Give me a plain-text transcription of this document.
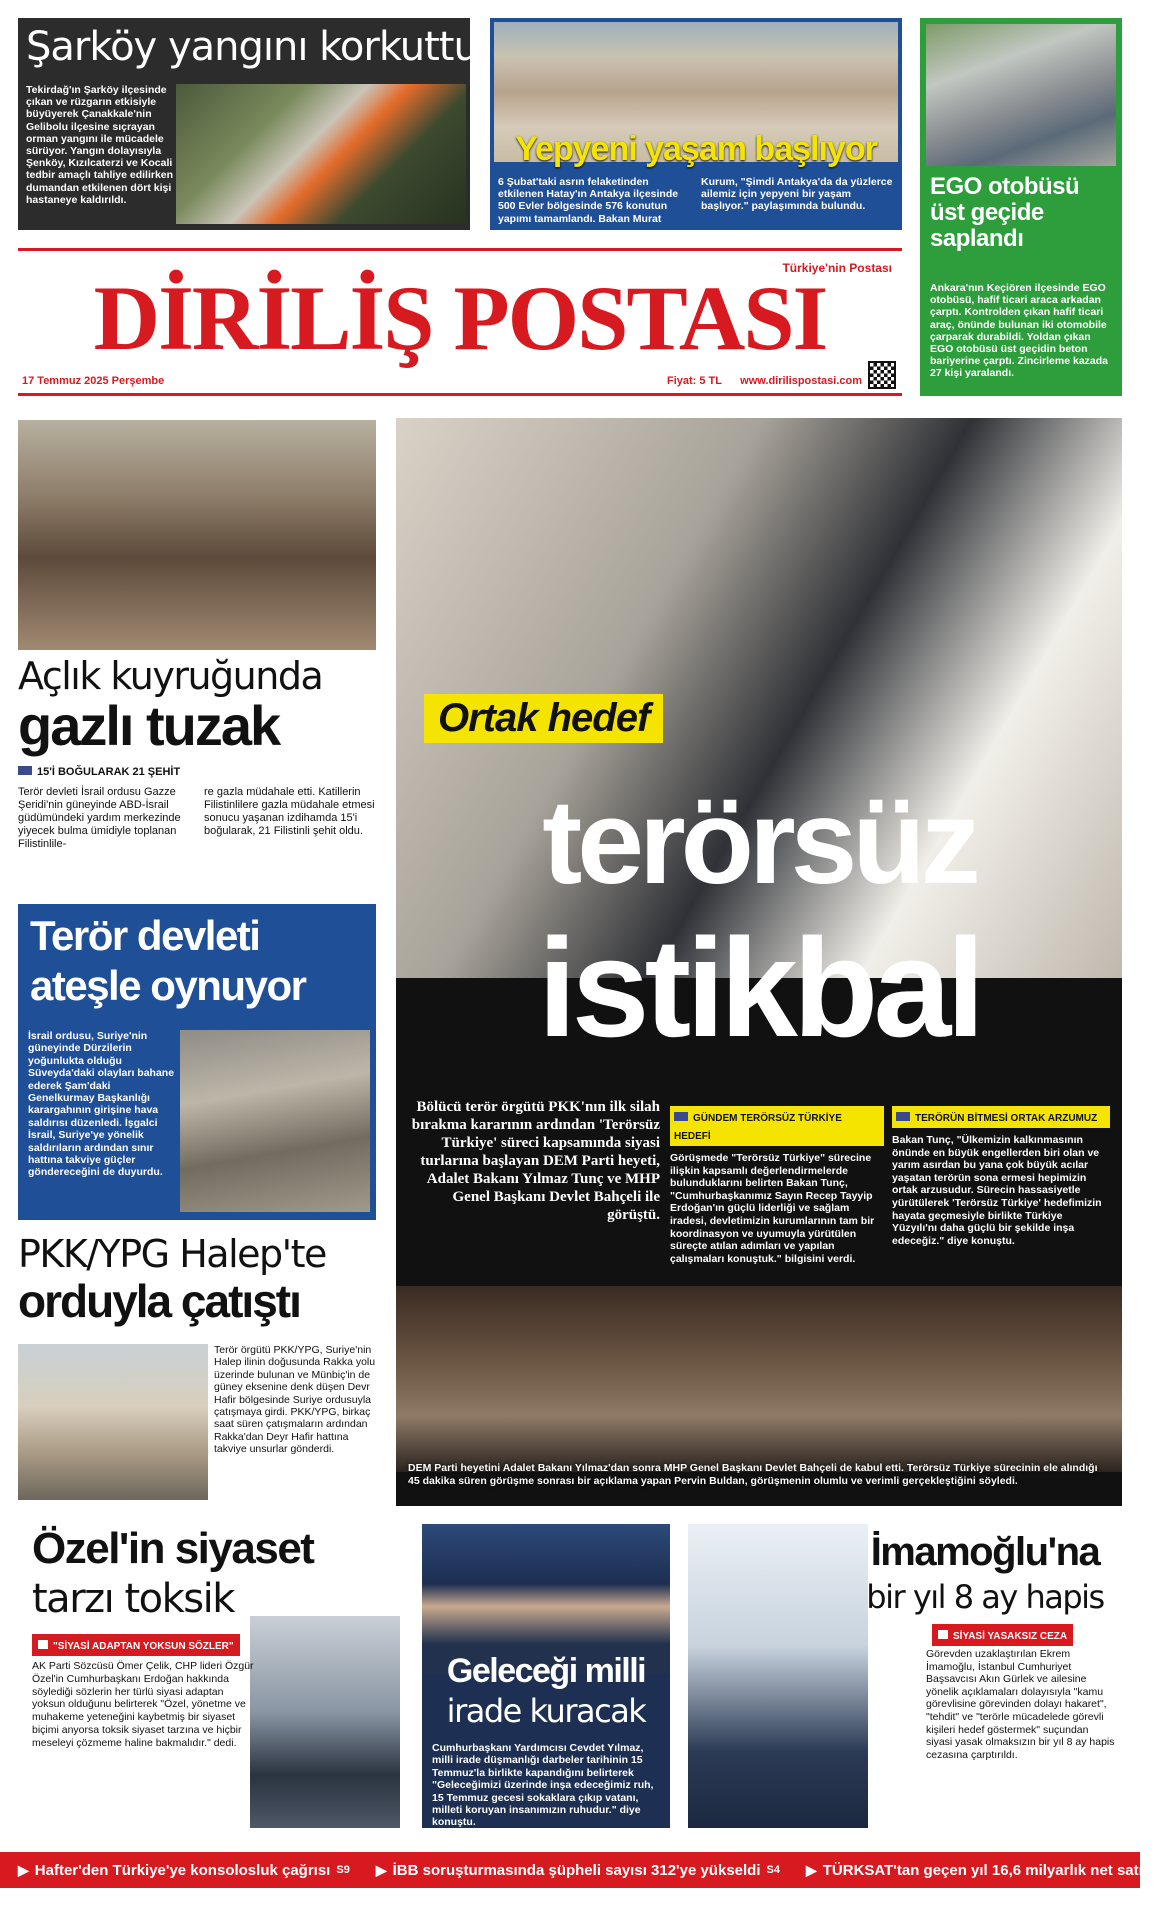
Şarköy yangını korkuttu
Tekirdağ'ın Şarköy ilçesinde çıkan ve rüzgarın etkisiyle büyüyerek Çanakkale'nin Gelibolu ilçesine sıçrayan orman yangını ile mücadele sürüyor. Yangın dolayısıyla Şenköy, Kızılcaterzi ve Kocali tedbir amaçlı tahliye edilirken dumandan etkilenen dört kişi hastaneye kaldırıldı.
Yepyeni yaşam başlıyor
6 Şubat'taki asrın felaketinden etkilenen Hatay'ın Antakya ilçesinde 500 Evler bölgesinde 576 konutun yapımı tamamlandı. Bakan Murat Kurum, "Şimdi Antakya'da da yüzlerce ailemiz için yepyeni bir yaşam başlıyor." paylaşımında bulundu.
EGO otobüsü üst geçide saplandı
Ankara'nın Keçiören ilçesinde EGO otobüsü, hafif ticari araca arkadan çarptı. Kontrolden çıkan hafif ticari araç, önünde bulunan iki otomobile çarparak durabildi. Yoldan çıkan EGO otobüsü üst geçidin beton bariyerine çarptı. Zincirleme kazada 27 kişi yaralandı.
Türkiye'nin Postası
DİRİLİŞ POSTASI
17 Temmuz 2025 Perşembe	Fiyat: 5 TL www.dirilispostasi.com
Açlık kuyruğunda
gazlı tuzak
15'İ BOĞULARAK 21 ŞEHİT
Terör devleti İsrail ordusu Gazze Şeridi'nin güneyinde ABD-İsrail güdümündeki yardım merkezinde yiyecek bulma ümidiyle toplanan Filistinlile-
re gazla müdahale etti. Katillerin Filistinlilere gazla müdahale etmesi sonucu yaşanan izdihamda 15'i boğularak, 21 Filistinli şehit oldu.
Terör devleti
ateşle oynuyor
İsrail ordusu, Suriye'nin güneyinde Dürzilerin yoğunlukta olduğu Süveyda'daki olayları bahane ederek Şam'daki Genelkurmay Başkanlığı karargahının girişine hava saldırısı düzenledi. İşgalci İsrail, Suriye'ye yönelik saldırıların ardından sınır hattına takviye güçler göndereceğini de duyurdu.
PKK/YPG Halep'te
orduyla çatıştı
Terör örgütü PKK/YPG, Suriye'nin Halep ilinin doğusunda Rakka yolu üzerinde bulunan ve Münbiç'in de güney eksenine denk düşen Devr Hafir bölgesinde Suriye ordusuyla çatışmaya girdi. PKK/YPG, birkaç saat süren çatışmaların ardından Rakka'dan Deyr Hafir hattına takviye unsurlar gönderdi.
Ortak hedef
terörsüz
istikbal
Bölücü terör örgütü PKK'nın ilk silah bırakma kararının ardından 'Terörsüz Türkiye' süreci kapsamında siyasi turlarına başlayan DEM Parti heyeti, Adalet Bakanı Yılmaz Tunç ve MHP Genel Başkanı Devlet Bahçeli ile görüştü.
GÜNDEM TERÖRSÜZ TÜRKİYE HEDEFİ
Görüşmede "Terörsüz Türkiye" sürecine ilişkin kapsamlı değerlendirmelerde bulunduklarını belirten Bakan Tunç, "Cumhurbaşkanımız Sayın Recep Tayyip Erdoğan'ın güçlü liderliği ve sağlam iradesi, devletimizin kurumlarının tam bir koordinasyon ve uyumuyla yürütülen süreçte atılan adımları ve yapılan çalışmaları konuştuk." bilgisini verdi.
TERÖRÜN BİTMESİ ORTAK ARZUMUZ
Bakan Tunç, "Ülkemizin kalkınmasının önünde en büyük engellerden biri olan ve yarım asırdan bu yana çok büyük acılar yaşatan terörün sona ermesi hepimizin ortak arzusudur. Sürecin hassasiyetle yürütülerek 'Terörsüz Türkiye' hedefimizin hayata geçmesiyle birlikte Türkiye Yüzyılı'nı daha güçlü bir şekilde inşa edeceğiz." diye konuştu.
DEM Parti heyetini Adalet Bakanı Yılmaz'dan sonra MHP Genel Başkanı Devlet Bahçeli de kabul etti. Terörsüz Türkiye sürecinin ele alındığı 45 dakika süren görüşme sonrası bir açıklama yapan Pervin Buldan, görüşmenin olumlu ve verimli gerçekleştiğini söyledi.
Özel'in siyaset
tarzı toksik
"SİYASİ ADAPTAN YOKSUN SÖZLER"
AK Parti Sözcüsü Ömer Çelik, CHP lideri Özgür Özel'in Cumhurbaşkanı Erdoğan hakkında söylediği sözlerin her türlü siyasi adaptan yoksun olduğunu belirterek "Özel, yönetme ve muhakeme yeteneğini kaybetmiş bir siyaset biçimi anyorsa toksik siyaset tarzına ve hiçbir meseleyi çözmeme haline bakmalıdır." dedi.
Geleceği milli
irade kuracak
Cumhurbaşkanı Yardımcısı Cevdet Yılmaz, milli irade düşmanlığı darbeler tarihinin 15 Temmuz'la birlikte kapandığını belirterek "Geleceğimizi üzerinde inşa edeceğimiz ruh, 15 Temmuz gecesi sokaklara çıkıp vatanı, milleti koruyan insanımızın ruhudur." diye konuştu.
İmamoğlu'na
bir yıl 8 ay hapis
SİYASİ YASAKSIZ CEZA
Görevden uzaklaştırılan Ekrem İmamoğlu, İstanbul Cumhuriyet Başsavcısı Akın Gürlek ve ailesine yönelik açıklamaları dolayısıyla "kamu görevlisine görevinden dolayı hakaret", "tehdit" ve "terörle mücadelede görevli kişileri hedef göstermek" suçundan siyasi yasak olmaksızın bir yıl 8 ay hapis cezasına çarptırıldı.
▶ Hafter'den Türkiye'ye konsolosluk çağrısı S9 ▶ İBB soruşturmasında şüpheli sayısı 312'ye yükseldi S4 ▶ TÜRKSAT'tan geçen yıl 16,6 milyarlık net satış S3
